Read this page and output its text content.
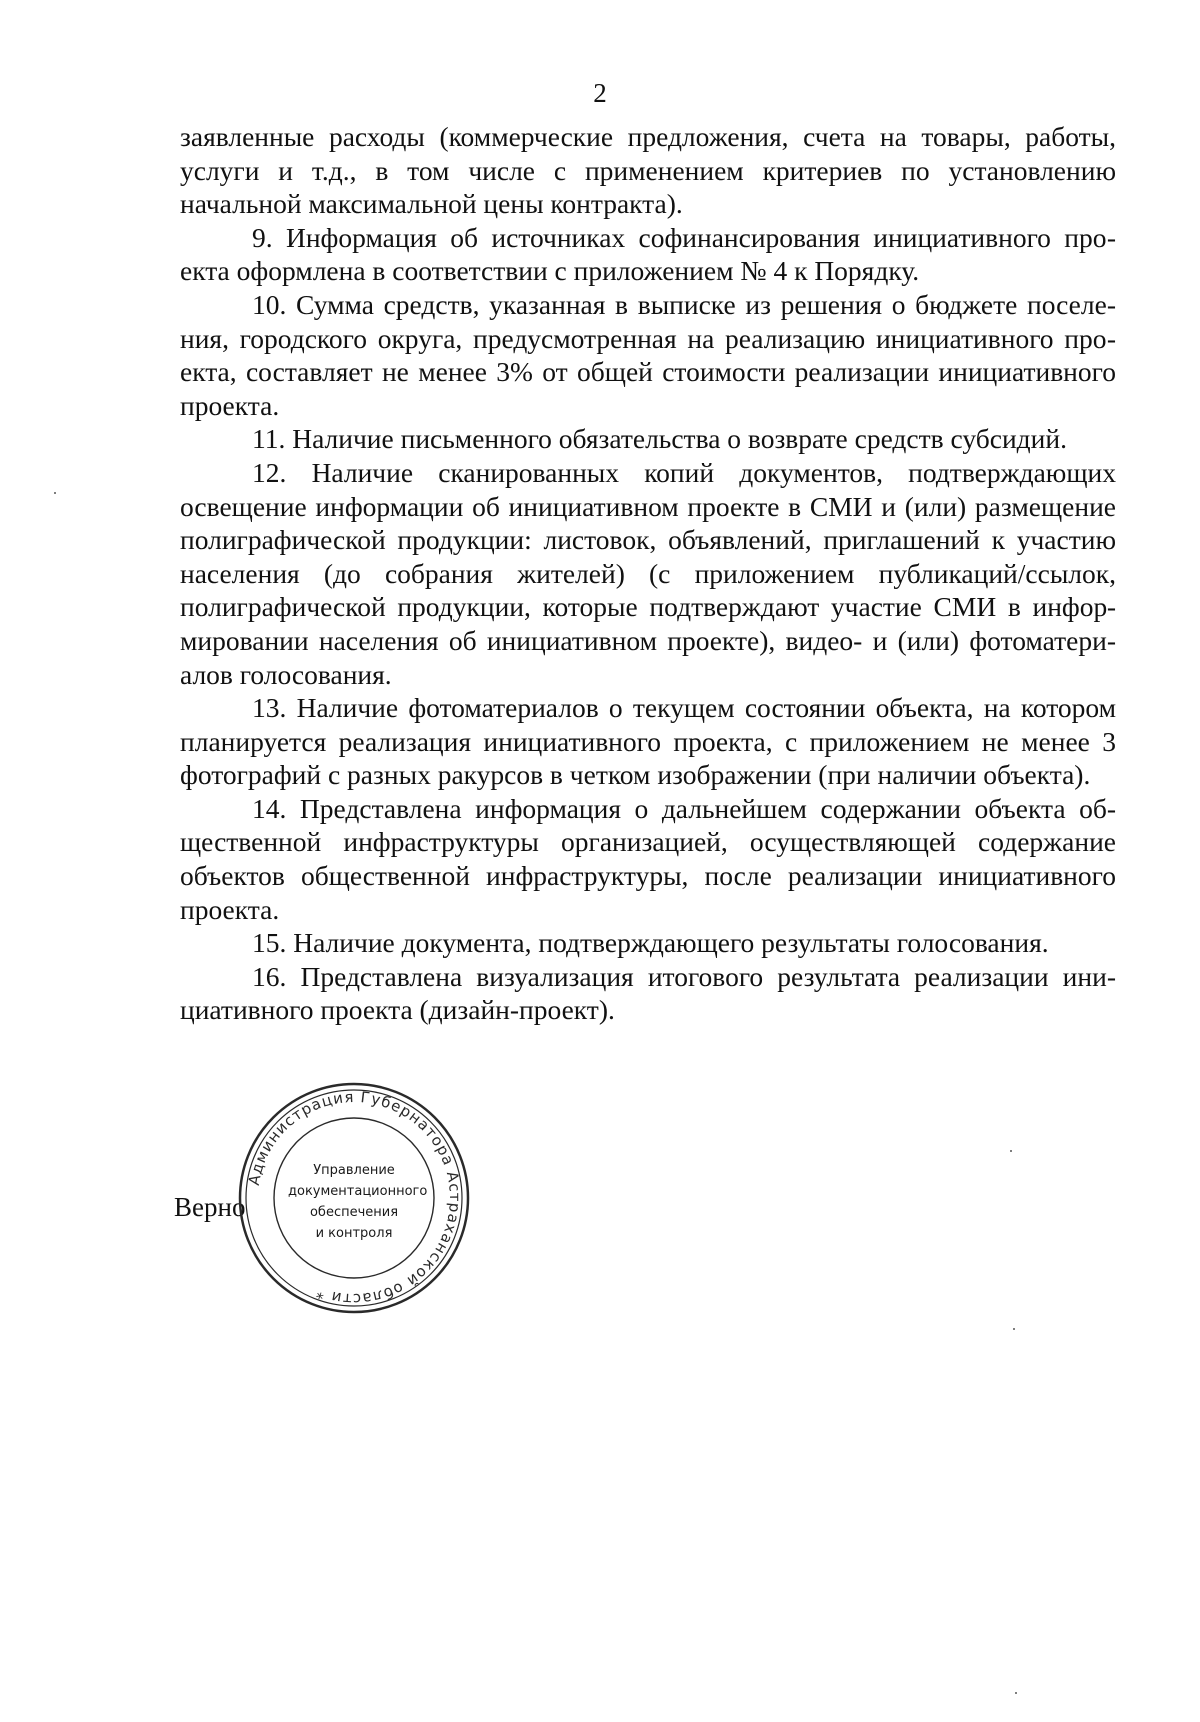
2

заявленные расходы (коммерческие предложения, счета на товары, работы, услуги и т.д., в том числе с применением критериев по установлению начальной максимальной цены контракта).

9. Информация об источниках софинансирования инициативного проекта оформлена в соответствии с приложением № 4 к Порядку.

10. Сумма средств, указанная в выписке из решения о бюджете поселения, городского округа, предусмотренная на реализацию инициативного проекта, составляет не менее 3% от общей стоимости реализации инициативного проекта.

11. Наличие письменного обязательства о возврате средств субсидий.

12. Наличие сканированных копий документов, подтверждающих освещение информации об инициативном проекте в СМИ и (или) размещение полиграфической продукции: листовок, объявлений, приглашений к участию населения (до собрания жителей) (с приложением публикаций/ссылок, полиграфической продукции, которые подтверждают участие СМИ в информировании населения об инициативном проекте), видео- и (или) фотоматериалов голосования.

13. Наличие фотоматериалов о текущем состоянии объекта, на котором планируется реализация инициативного проекта, с приложением не менее 3 фотографий с разных ракурсов в четком изображении (при наличии объекта).

14. Представлена информация о дальнейшем содержании объекта общественной инфраструктуры организацией, осуществляющей содержание объектов общественной инфраструктуры, после реализации инициативного проекта.

15. Наличие документа, подтверждающего результаты голосования.

16. Представлена визуализация итогового результата реализации инициативного проекта (дизайн-проект).

Верно
Администрация Губернатора Астраханской области *
Управление
документационного
обеспечения
и контроля
